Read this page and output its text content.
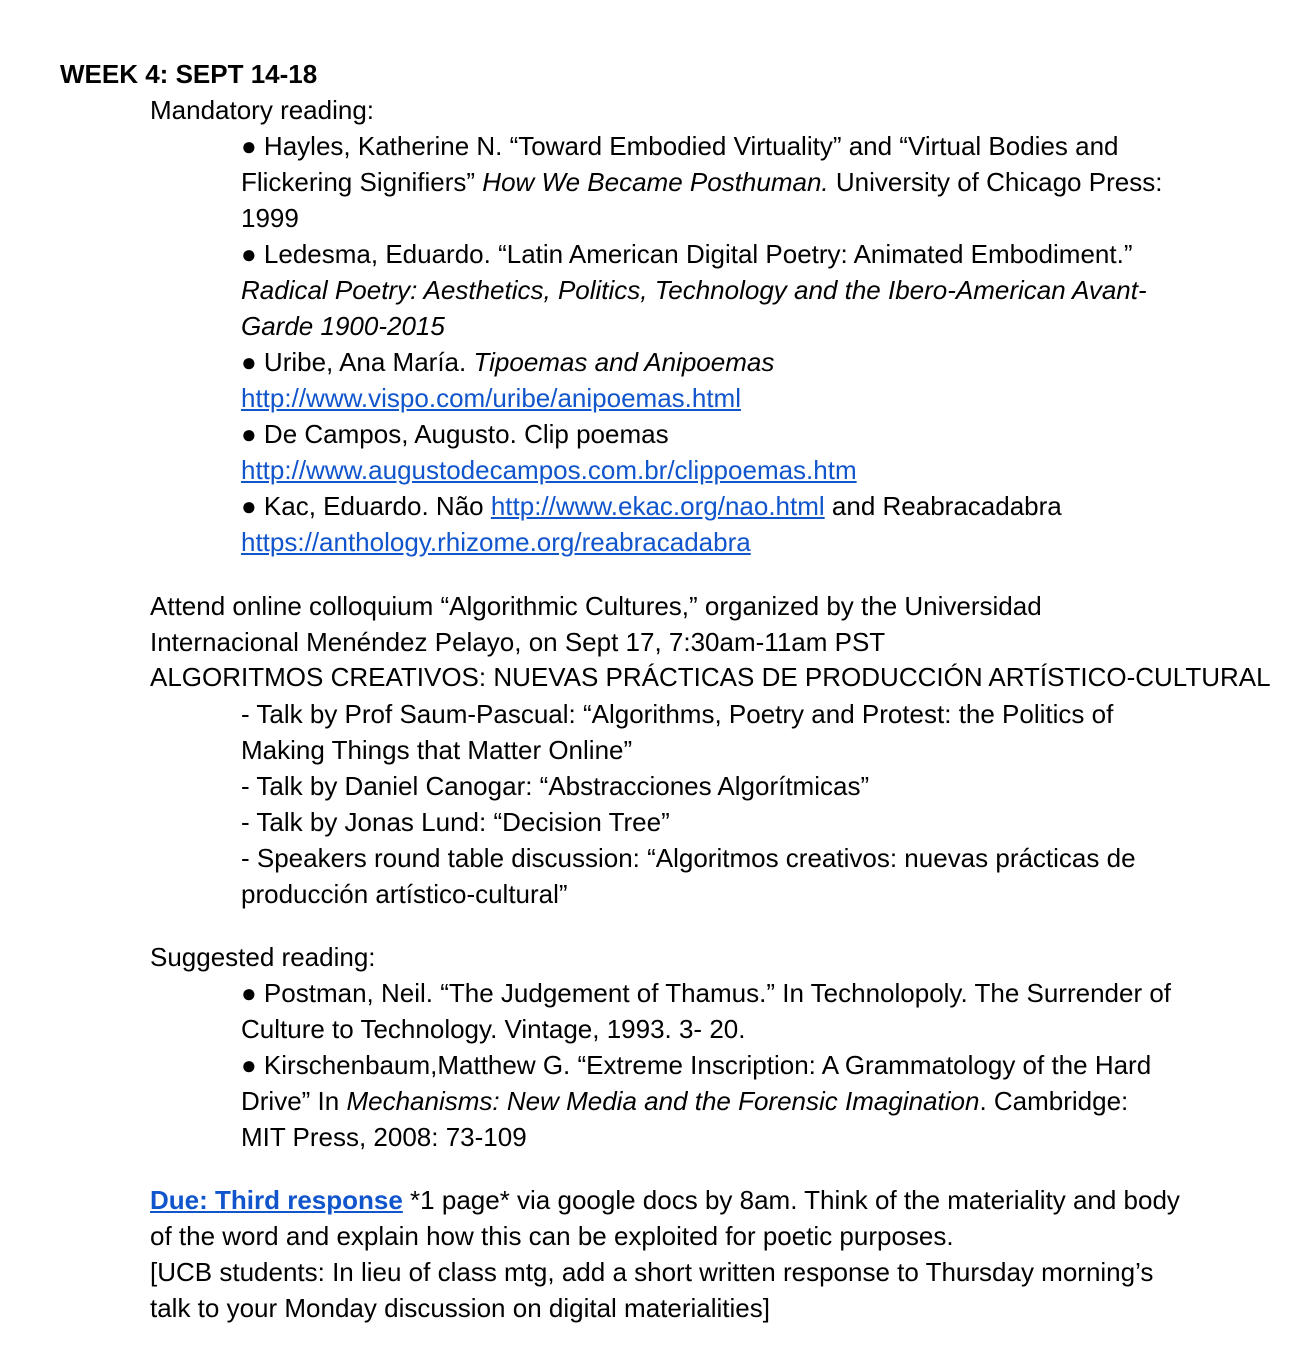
WEEK 4: SEPT 14-18
Mandatory reading:
● Hayles, Katherine N. “Toward Embodied Virtuality” and “Virtual Bodies and
Flickering Signifiers” How We Became Posthuman. University of Chicago Press:
1999
● Ledesma, Eduardo. “Latin American Digital Poetry: Animated Embodiment.”
Radical Poetry: Aesthetics, Politics, Technology and the Ibero-American Avant-
Garde 1900-2015
● Uribe, Ana María. Tipoemas and Anipoemas
http://www.vispo.com/uribe/anipoemas.html
● De Campos, Augusto. Clip poemas
http://www.augustodecampos.com.br/clippoemas.htm
● Kac, Eduardo. Não http://www.ekac.org/nao.html and Reabracadabra
https://anthology.rhizome.org/reabracadabra
Attend online colloquium “Algorithmic Cultures,” organized by the Universidad
Internacional Menéndez Pelayo, on Sept 17, 7:30am-11am PST
ALGORITMOS CREATIVOS: NUEVAS PRÁCTICAS DE PRODUCCIÓN ARTÍSTICO-CULTURAL
- Talk by Prof Saum-Pascual: “Algorithms, Poetry and Protest: the Politics of
Making Things that Matter Online”
- Talk by Daniel Canogar: “Abstracciones Algorítmicas”
- Talk by Jonas Lund: “Decision Tree”
- Speakers round table discussion: “Algoritmos creativos: nuevas prácticas de
producción artístico-cultural”
Suggested reading:
● Postman, Neil. “The Judgement of Thamus.” In Technolopoly. The Surrender of
Culture to Technology. Vintage, 1993. 3- 20.
● Kirschenbaum,Matthew G. “Extreme Inscription: A Grammatology of the Hard
Drive” In Mechanisms: New Media and the Forensic Imagination. Cambridge:
MIT Press, 2008: 73-109
Due: Third response *1 page* via google docs by 8am. Think of the materiality and body
of the word and explain how this can be exploited for poetic purposes.
[UCB students: In lieu of class mtg, add a short written response to Thursday morning’s
talk to your Monday discussion on digital materialities]
